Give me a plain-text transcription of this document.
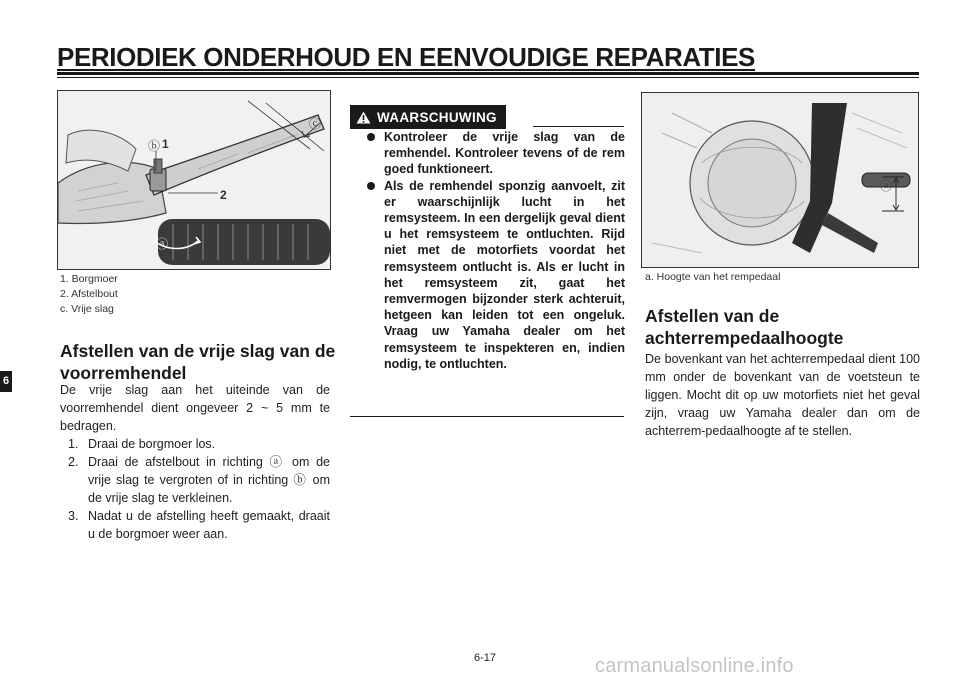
PERIODIEK ONDERHOUD EN EENVOUDIGE REPARATIES
6
ⓑ 1
2
ⓐ
ⓒ
1. Borgmoer
2. Afstelbout
c. Vrije slag
Afstellen van de vrije slag van de voorremhendel

De vrije slag aan het uiteinde van de voorremhendel dient ongeveer 2 ~ 5 mm te bedragen.

1. Draai de borgmoer los.
2. Draai de afstelbout in richting ⓐ om de vrije slag te vergroten of in richting ⓑ om de vrije slag te verkleinen.
3. Nadat u de afstelling heeft gemaakt, draait u de borgmoer weer aan.
WAARSCHUWING
Kontroleer de vrije slag van de remhendel. Kontroleer tevens of de rem goed funktioneert.
Als de remhendel sponzig aanvoelt, zit er waarschijnlijk lucht in het remsysteem. In een dergelijk geval dient u het remsysteem te ontluchten. Rijd niet met de motorfiets voordat het remsysteem ontlucht is. Als er lucht in het remsysteem zit, gaat het remvermogen bijzonder sterk achteruit, hetgeen kan leiden tot een ongeluk. Vraag uw Yamaha dealer om het remsysteem te inspekteren en, indien nodig, te ontluchten.
ⓐ
a. Hoogte van het rempedaal
Afstellen van de achterrempedaalhoogte

De bovenkant van het achterrempedaal dient 100 mm onder de bovenkant van de voetsteun te liggen. Mocht dit op uw motorfiets niet het geval zijn, vraag uw Yamaha dealer dan om de achterrem-pedaalhoogte af te stellen.

6-17	carmanualsonline.info
